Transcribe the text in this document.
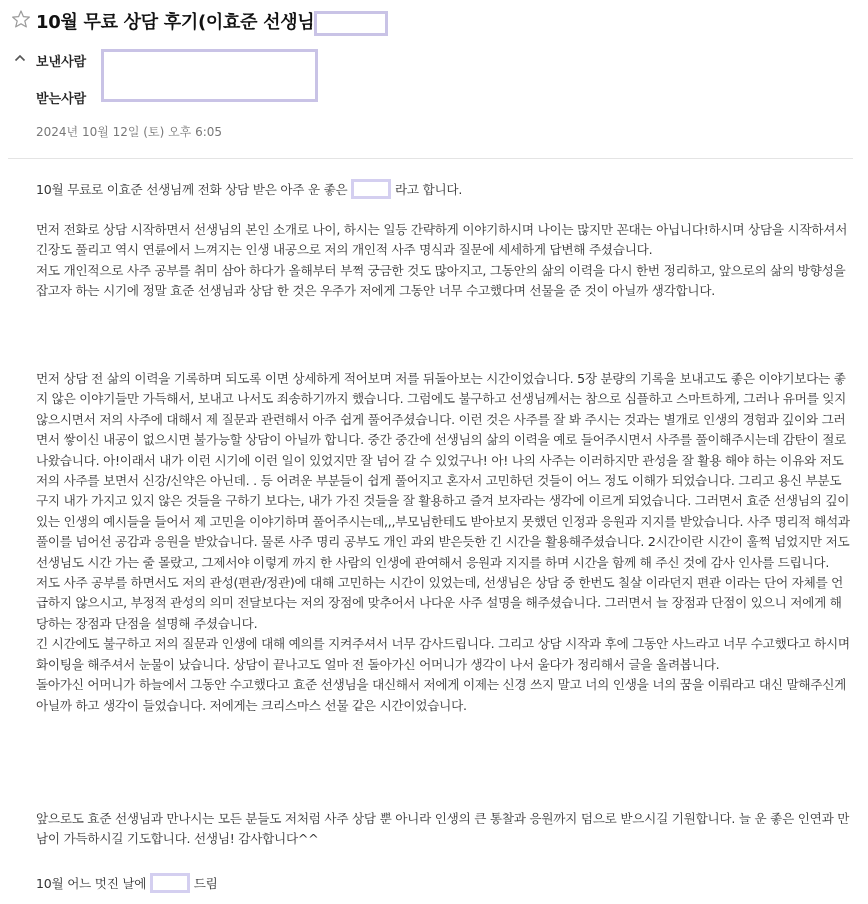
10월 무료 상담 후기(이효준 선생님
보낸사람
받는사람
2024년 10월 12일 (토) 오후 6:05

10월 무료로 이효준 선생님께 전화 상담 받은 아주 운 좋은	라고 합니다.

먼저 전화로 상담 시작하면서 선생님의 본인 소개로 나이, 하시는 일등 간략하게 이야기하시며 나이는 많지만 꼰대는 아닙니다!하시며 상담을 시작하셔서 긴장도 풀리고 역시 연륜에서 느껴지는 인생 내공으로 저의 개인적 사주 명식과 질문에 세세하게 답변해 주셨습니다.

저도 개인적으로 사주 공부를 취미 삼아 하다가 올해부터 부쩍 궁금한 것도 많아지고, 그동안의 삶의 이력을 다시 한번 정리하고, 앞으로의 삶의 방향성을 잡고자 하는 시기에 정말 효준 선생님과 상담 한 것은 우주가 저에게 그동안 너무 수고했다며 선물을 준 것이 아닐까 생각합니다.

먼저 상담 전 삶의 이력을 기록하며 되도록 이면 상세하게 적어보며 저를 뒤돌아보는 시간이었습니다. 5장 분량의 기록을 보내고도 좋은 이야기보다는 좋지 않은 이야기들만 가득해서, 보내고 나서도 죄송하기까지 했습니다. 그럼에도 불구하고 선생님께서는 참으로 심플하고 스마트하게, 그러나 유머를 잊지 않으시면서 저의 사주에 대해서 제 질문과 관련해서 아주 쉽게 풀어주셨습니다. 이런 것은 사주를 잘 봐 주시는 것과는 별개로 인생의 경험과 깊이와 그러면서 쌓이신 내공이 없으시면 불가능할 상담이 아닐까 합니다. 중간 중간에 선생님의 삶의 이력을 예로 들어주시면서 사주를 풀이해주시는데 감탄이 절로 나왔습니다. 아!이래서 내가 이런 시기에 이런 일이 있었지만 잘 넘어 갈 수 있었구나! 아! 나의 사주는 이러하지만 관성을 잘 활용 해야 하는 이유와 저도 저의 사주를 보면서 신강/신약은 아닌데. . 등 어려운 부분들이 쉽게 풀어지고 혼자서 고민하던 것들이 어느 정도 이해가 되었습니다. 그리고 용신 부분도 구지 내가 가지고 있지 않은 것들을 구하기 보다는, 내가 가진 것들을 잘 활용하고 즐겨 보자라는 생각에 이르게 되었습니다. 그러면서 효준 선생님의 깊이 있는 인생의 예시들을 들어서 제 고민을 이야기하며 풀어주시는데,,,부모님한테도 받아보지 못했던 인정과 응원과 지지를 받았습니다. 사주 명리적 해석과 풀이를 넘어선 공감과 응원을 받았습니다. 물론 사주 명리 공부도 개인 과외 받은듯한 긴 시간을 활용해주셨습니다. 2시간이란 시간이 훌쩍 넘었지만 저도 선생님도 시간 가는 줄 몰랐고, 그제서야 이렇게 까지 한 사람의 인생에 관여해서 응원과 지지를 하며 시간을 함께 해 주신 것에 감사 인사를 드립니다.

저도 사주 공부를 하면서도 저의 관성(편관/정관)에 대해 고민하는 시간이 있었는데, 선생님은 상담 중 한번도 칠살 이라던지 편관 이라는 단어 자체를 언급하지 않으시고, 부정적 관성의 의미 전달보다는 저의 장점에 맞추어서 나다운 사주 설명을 해주셨습니다. 그러면서 늘 장점과 단점이 있으니 저에게 해당하는 장점과 단점을 설명해 주셨습니다.

긴 시간에도 불구하고 저의 질문과 인생에 대해 예의를 지켜주셔서 너무 감사드립니다. 그리고 상담 시작과 후에 그동안 사느라고 너무 수고했다고 하시며 화이팅을 해주셔서 눈물이 났습니다. 상담이 끝나고도 얼마 전 돌아가신 어머니가 생각이 나서 울다가 정리해서 글을 올려봅니다.

돌아가신 어머니가 하늘에서 그동안 수고했다고 효준 선생님을 대신해서 저에게 이제는 신경 쓰지 말고 너의 인생을 너의 꿈을 이뤄라고 대신 말해주신게 아닐까 하고 생각이 들었습니다. 저에게는 크리스마스 선물 같은 시간이었습니다.

앞으로도 효준 선생님과 만나시는 모든 분들도 저처럼 사주 상담 뿐 아니라 인생의 큰 통찰과 응원까지 덤으로 받으시길 기원합니다. 늘 운 좋은 인연과 만남이 가득하시길 기도합니다. 선생님! 감사합니다^^

10월 어느 멋진 날에	드림
